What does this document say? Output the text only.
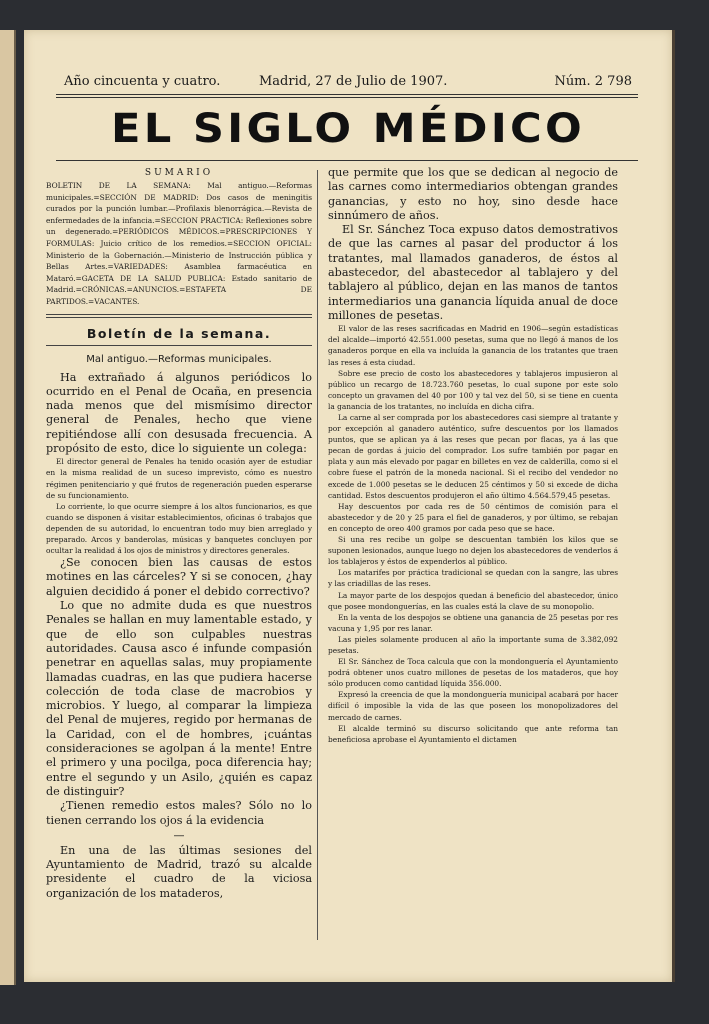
Año cincuenta y cuatro.	Madrid, 27 de Julio de 1907.	Núm. 2 798
EL SIGLO MÉDICO
SUMARIO

BOLETIN DE LA SEMANA: Mal antiguo.—Reformas municipales.=SECCIÓN DE MADRID: Dos casos de meningitis curados por la punción lumbar.—Profilaxis blenorrágica.—Revista de enfermedades de la infancia.=SECCION PRACTICA: Reflexiones sobre un degenerado.=PERIÓDICOS MÉDICOS.=PRESCRIPCIONES Y FORMULAS: Juicio crítico de los remedios.=SECCION OFICIAL: Ministerio de la Gobernación.—Ministerio de Instrucción pública y Bellas Artes.=VARIEDADES: Asamblea farmacéutica en Mataró.=GACETA DE LA SALUD PUBLICA: Estado sanitario de Madrid.=CRÓNICAS.=ANUNCIOS.=ESTAFETA DE PARTIDOS.=VACANTES.

Boletín de la semana.
Mal antiguo.—Reformas municipales.

Ha extrañado á algunos periódicos lo ocurrido en el Penal de Ocaña, en presencia nada menos que del mismísimo director general de Penales, hecho que viene repitiéndose allí con desusada frecuencia. A propósito de esto, dice lo siguiente un colega:

El director general de Penales ha tenido ocasión ayer de estudiar en la misma realidad de un suceso imprevisto, cómo es nuestro régimen penitenciario y qué frutos de regeneración pueden esperarse de su funcionamiento.

Lo corriente, lo que ocurre siempre á los altos funcionarios, es que cuando se disponen á visitar establecimientos, oficinas ó trabajos que dependen de su autoridad, lo encuentran todo muy bien arreglado y preparado. Arcos y banderolas, músicas y banquetes concluyen por ocultar la realidad á los ojos de ministros y directores generales.

¿Se conocen bien las causas de estos motines en las cárceles? Y si se conocen, ¿hay alguien decidido á poner el debido correctivo?

Lo que no admite duda es que nuestros Penales se hallan en muy lamentable estado, y que de ello son culpables nuestras autoridades. Causa asco é infunde compasión penetrar en aquellas salas, muy propiamente llamadas cuadras, en las que pudiera hacerse colección de toda clase de macrobios y microbios. Y luego, al comparar la limpieza del Penal de mujeres, regido por hermanas de la Caridad, con el de hombres, ¡cuántas consideraciones se agolpan á la mente! Entre el primero y una pocilga, poca diferencia hay; entre el segundo y un Asilo, ¿quién es capaz de distinguir?

¿Tienen remedio estos males? Sólo no lo tienen cerrando los ojos á la evidencia

—

En una de las últimas sesiones del Ayuntamiento de Madrid, trazó su alcalde presidente el cuadro de la viciosa organización de los mataderos,

que permite que los que se dedican al negocio de las carnes como intermediarios obtengan grandes ganancias, y esto no hoy, sino desde hace sinnúmero de años.

El Sr. Sánchez Toca expuso datos demostrativos de que las carnes al pasar del productor á los tratantes, mal llamados ganaderos, de éstos al abastecedor, del abastecedor al tablajero y del tablajero al público, dejan en las manos de tantos intermediarios una ganancia líquida anual de doce millones de pesetas.

El valor de las reses sacrificadas en Madrid en 1906—según estadísticas del alcalde—importó 42.551.000 pesetas, suma que no llegó á manos de los ganaderos porque en ella va incluída la ganancia de los tratantes que traen las reses á esta ciudad.

Sobre ese precio de costo los abastecedores y tablajeros impusieron al público un recargo de 18.723.760 pesetas, lo cual supone por este solo concepto un gravamen del 40 por 100 y tal vez del 50, si se tiene en cuenta la ganancia de los tratantes, no incluída en dicha cifra.

La carne al ser comprada por los abastecedores casi siempre al tratante y por excepción al ganadero auténtico, sufre descuentos por los llamados puntos, que se aplican ya á las reses que pecan por flacas, ya á las que pecan de gordas á juicio del comprador. Los sufre también por pagar en plata y aun más elevado por pagar en billetes en vez de calderilla, como si el cobre fuese el patrón de la moneda nacional. Si el recibo del vendedor no excede de 1.000 pesetas se le deducen 25 céntimos y 50 si excede de dicha cantidad. Estos descuentos produjeron el año último 4.564.579,45 pesetas.

Hay descuentos por cada res de 50 céntimos de comisión para el abastecedor y de 20 y 25 para el fiel de ganaderos, y por último, se rebajan en concepto de oreo 400 gramos por cada peso que se hace.

Si una res recibe un golpe se descuentan también los kilos que se suponen lesionados, aunque luego no dejen los abastecedores de venderlos á los tablajeros y éstos de expenderlos al público.

Los matarifes por práctica tradicional se quedan con la sangre, las ubres y las criadillas de las reses.

La mayor parte de los despojos quedan á beneficio del abastecedor, único que posee mondonguerías, en las cuales está la clave de su monopolio.

En la venta de los despojos se obtiene una ganancia de 25 pesetas por res vacuna y 1,95 por res lanar.

Las pieles solamente producen al año la importante suma de 3.382,092 pesetas.

El Sr. Sánchez de Toca calcula que con la mondonguería el Ayuntamiento podrá obtener unos cuatro millones de pesetas de los mataderos, que hoy sólo producen como cantidad líquida 356.000.

Expresó la creencia de que la mondonguería municipal acabará por hacer difícil ó imposible la vida de las que poseen los monopolizadores del mercado de carnes.

El alcalde terminó su discurso solicitando que ante reforma tan beneficiosa aprobase el Ayuntamiento el dictamen
